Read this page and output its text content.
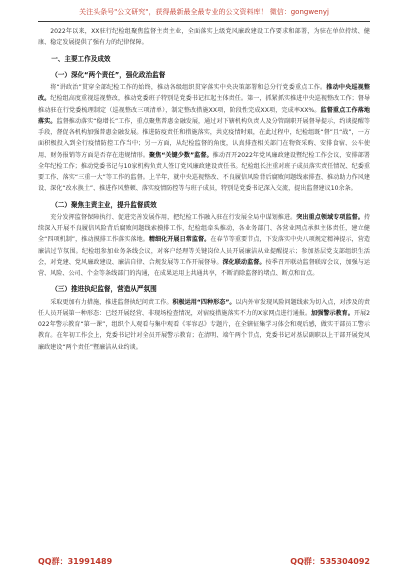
关注头条号"公文研究"，获得最新最全最专业的公文资料库！ 微信：gongwenyj

2022年以来，XX驻行纪检组聚焦监督主责主业，全面落实上级党风廉政建设工作要求和部署，为驻在单位持续、健康、稳定发展提供了强有力的纪律保障。

一、主要工作及成效
（一）深化“两个责任”，强化政治监督

将“讲政治”贯穿全部纪检工作的始终，推动各级组织贯穿落实中央决策部署和总分行党委重点工作。推动中央巡视整改。纪检组高度重视巡视整改，推动党委班子特别是党委书记扛起主体责任。第一，抓紧抓实推进中央巡视整改工作；督导推动驻在行党委梳理制定（巡视整改三项清单），制定整改措施XX项，阶段性完成XX项，完成率XX%。监督重点工作落地落实。监督推动落实“稳增长”工作，重点聚焦普惠金融发展，通过对下辖机构负责人及分管副职开展督导提示，约谈提醒等手段，督促各机构加强普惠金融发展。推进防疫责任和措施落实，共克疫情时艰，在此过程中，纪检组既“督”且“战”，一方面积极投入到全行疫情防控工作当中；另一方面，从纪检监督的角度，认真排查相关部门在物资采购、安排食宿、公车使用、财务报销等方面是否存在违规情形。聚焦“关键少数”监督。推动召开2022年党风廉政建设暨纪检工作会议，安排部署全年纪检工作；推动党委书记与10家机构负责人签订党风廉政建设责任书。纪检组长注重对班子成员落实责任情况、纪委重要工作、落实“三重一大”等工作的监督。上半年，就中央巡视整改、不良履信风险背后腐败问题线索排查、推动助力作风建设、深化“改水换土”、推进作风整顿、落实疫情防控等与班子成员，特别是党委书记深入交流，提出监督建议10余条。

（二）聚焦主责主业，提升监督质效

充分发挥监督保障执行、促进完善发展作用，把纪检工作融入驻在行发展全局中谋划推进。突出重点领域专项监督。持续深入开展不良履信风险背后腐败问题线索摸排工作，纪检组牵头推动，各业务部门、各营业网点承担主体责任，建立健全“四项机制”，推动摸排工作落实落地。精细化开展日常监督。在春节等重要节点，下发落实中央八项规定精神提示，营造廉洁过节氛围。纪检组参加业务条线会议，对客户经理等关键岗位人员开展廉洁从业提醒提示；参加基层党支部组织生活会，对党建、党风廉政建设、廉洁自律、合规发展等工作开展督导。深化联动监督。按季召开联动监督联席会议，加强与运营、风险、公司、个金等条线部门的沟通，在成果运用上共通共享，不断消除监督的堵点、断点和盲点。

（三）推进执纪监督，营造从严氛围

采取更加有力措施，推进监督执纪问责工作。积极运用“四种形态”。以内外审发现风险问题线索为切入点，对涉及的责任人员开展第一种形态：已经开展经营、非现场检查情况，对宿疫措施落实不力的X家网点进行通报。加强警示教育。开展2022年警示教育“第一课”，组织个人观看与集中观看《零容忍》专题片，在全辖征集学习体会和观后感，做实干部员工警示教育。在年初工作会上，党委书记针对全员开展警示教育；在清明、端午两个节点，党委书记对基层副职以上干部开展党风廉政建设“两个责任”暨廉洁从业约谈。

QQ群：31991489	QQ群：535304092
